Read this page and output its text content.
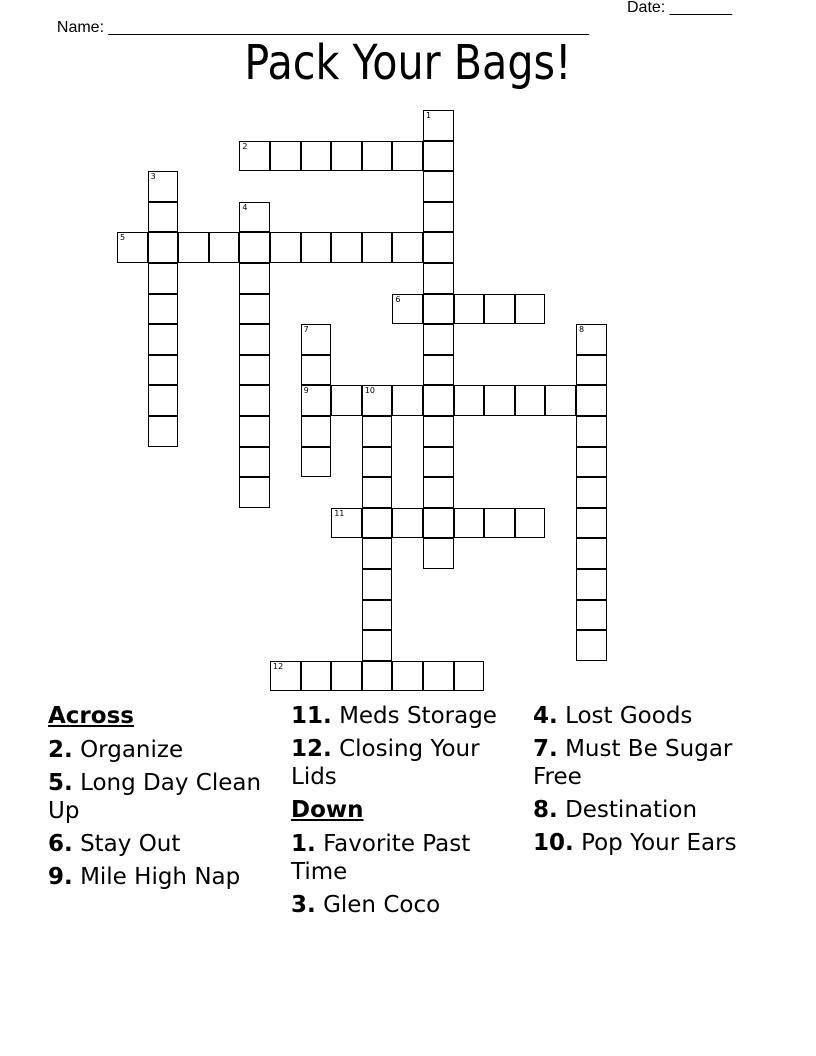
Name: ______________________________________________________

Date: _______

Pack Your Bags!
1
2
3
4
5
6
7
9
8
10
11
12
Across
2. Organize
5. Long Day Clean Up
6. Stay Out
9. Mile High Nap
11. Meds Storage
12. Closing Your Lids
Down
1. Favorite Past Time
3. Glen Coco
4. Lost Goods
7. Must Be Sugar Free
8. Destination
10. Pop Your Ears
